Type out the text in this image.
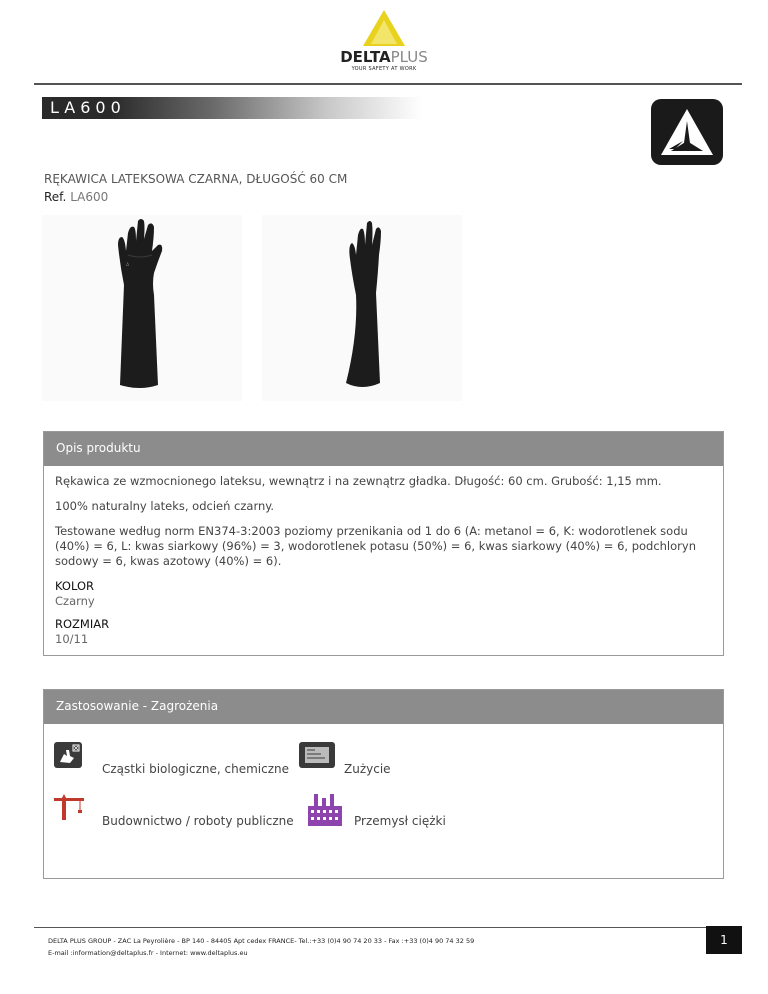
DELTAPLUS
YOUR SAFETY AT WORK
LA600
RĘKAWICA LATEKSOWA CZARNA, DŁUGOŚĆ 60 CM
Ref. LA600
△
Opis produktu

Rękawica ze wzmocnionego lateksu, wewnątrz i na zewnątrz gładka. Długość: 60 cm. Grubość: 1,15 mm.

100% naturalny lateks, odcień czarny.

Testowane według norm EN374-3:2003 poziomy przenikania od 1 do 6 (A: metanol = 6, K: wodorotlenek sodu (40%) = 6, L: kwas siarkowy (96%) = 3, wodorotlenek potasu (50%) = 6, kwas siarkowy (40%) = 6, podchloryn sodowy = 6, kwas azotowy (40%) = 6).

KOLOR
Czarny
ROZMIAR
10/11
Zastosowanie - Zagrożenia
Cząstki biologiczne, chemiczne	Zużycie
Budownictwo / roboty publiczne	Przemysł ciężki
DELTA PLUS GROUP - ZAC La Peyrolière - BP 140 - 84405 Apt cedex FRANCE- Tel.:+33 (0)4 90 74 20 33 - Fax :+33 (0)4 90 74 32 59
E-mail :information@deltaplus.fr - Internet: www.deltaplus.eu
1
